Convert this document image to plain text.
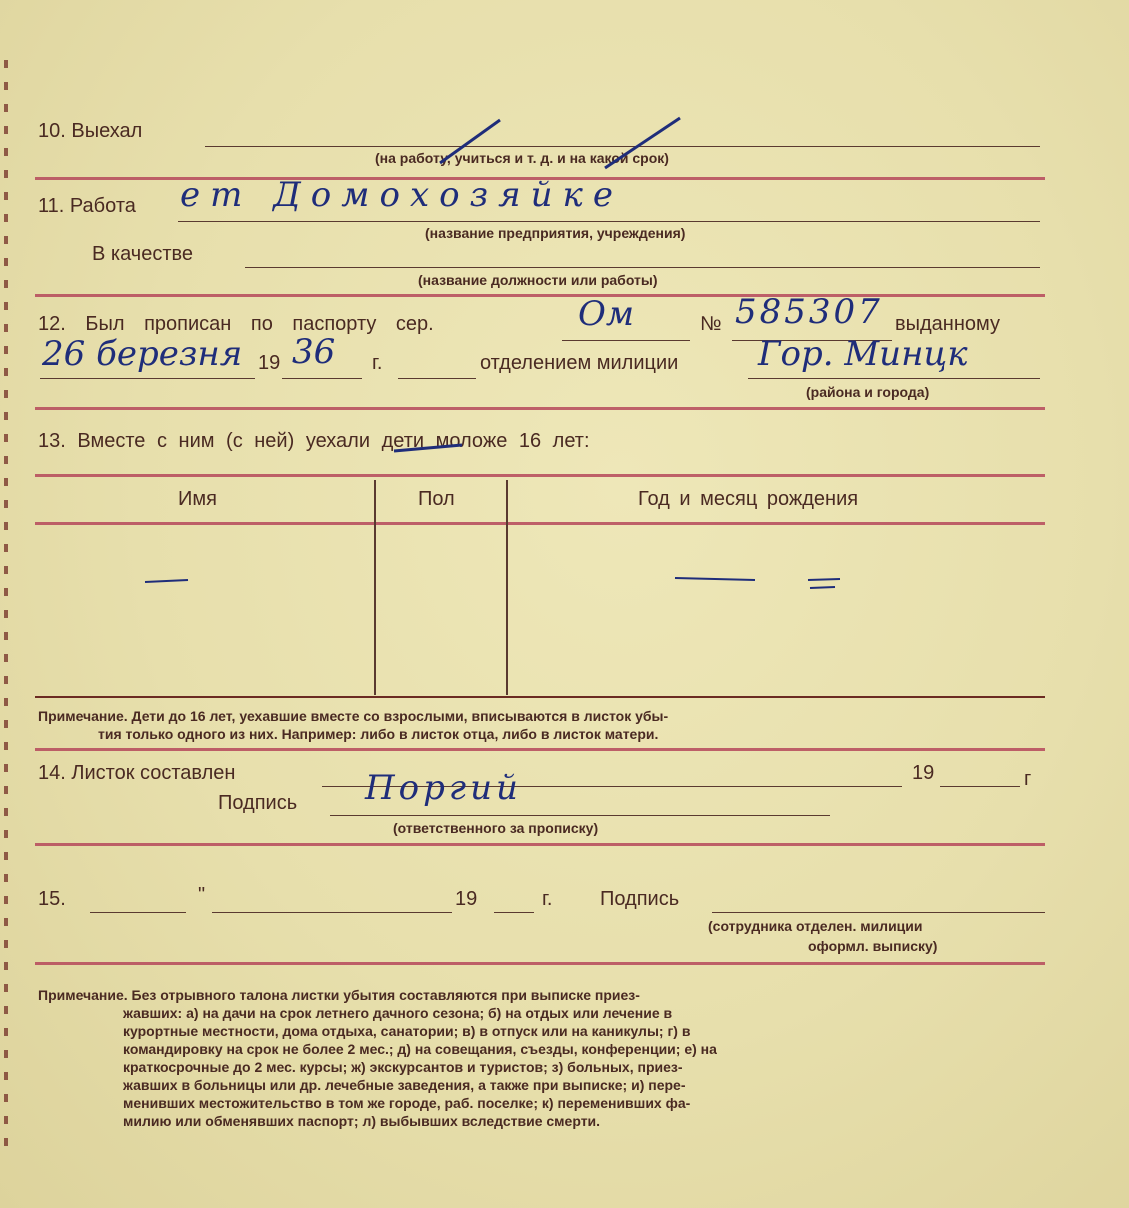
10. Выехал
(на работу, учиться и т. д. и на какой срок)
11. Работа ет Домохозяйке
(название предприятия, учреждения)
В качестве
(название должности или работы)
12. Был прописан по паспорту сер.	Ом	№ 585307 выданному
26 березня 19 36 г.	отделением милиции Гор. Минцк
(района и города)
13. Вместе с ним (с ней) уехали дети моложе 16 лет:
Имя	Пол	Год и месяц рождения
Примечание. Дети до 16 лет, уехавшие вместе со взрослыми, вписываются в листок убы-
тия только одного из них. Например: либо в листок отца, либо в листок матери.
14. Листок составлен	19	г
Подпись Поргий
(ответственного за прописку)
15.	"	19	г. Подпись
(сотрудника отделен. милиции
оформл. выписку)
Примечание. Без отрывного талона листки убытия составляются при выписке приез-
жавших: а) на дачи на срок летнего дачного сезона; б) на отдых или лечение в
курортные местности, дома отдыха, санатории; в) в отпуск или на каникулы; г) в
командировку на срок не более 2 мес.; д) на совещания, съезды, конференции; е) на
краткосрочные до 2 мес. курсы; ж) экскурсантов и туристов; з) больных, приез-
жавших в больницы или др. лечебные заведения, а также при выписке; и) пере-
менивших местожительство в том же городе, раб. поселке; к) переменивших фа-
милию или обменявших паспорт; л) выбывших вследствие смерти.
